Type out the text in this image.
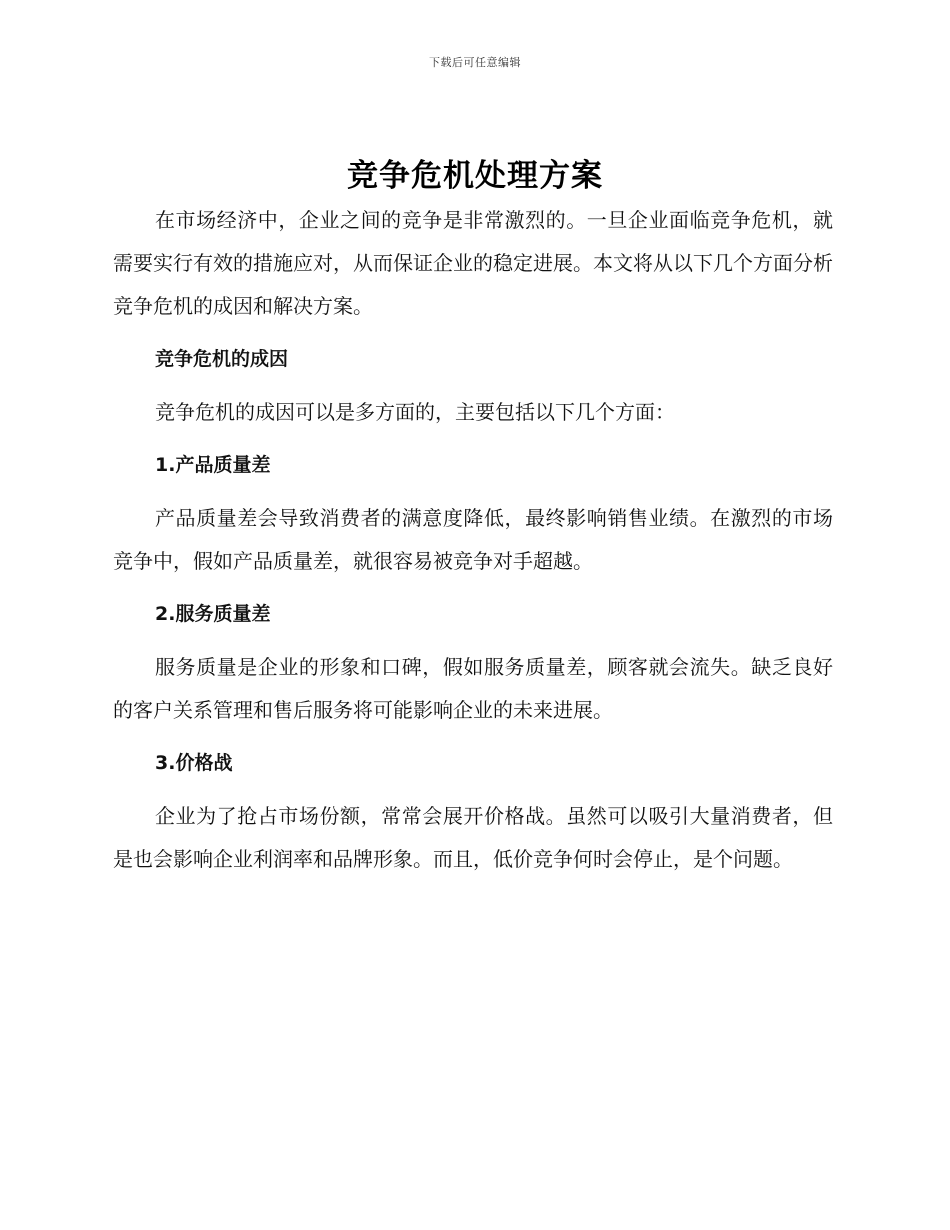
下载后可任意编辑
竞争危机处理方案

在市场经济中，企业之间的竞争是非常激烈的。一旦企业面临竞争危机，就需要实行有效的措施应对，从而保证企业的稳定进展。本文将从以下几个方面分析竞争危机的成因和解决方案。

竞争危机的成因

竞争危机的成因可以是多方面的，主要包括以下几个方面：

1.产品质量差

产品质量差会导致消费者的满意度降低，最终影响销售业绩。在激烈的市场竞争中，假如产品质量差，就很容易被竞争对手超越。

2.服务质量差

服务质量是企业的形象和口碑，假如服务质量差，顾客就会流失。缺乏良好的客户关系管理和售后服务将可能影响企业的未来进展。

3.价格战

企业为了抢占市场份额，常常会展开价格战。虽然可以吸引大量消费者，但是也会影响企业利润率和品牌形象。而且，低价竞争何时会停止，是个问题。
